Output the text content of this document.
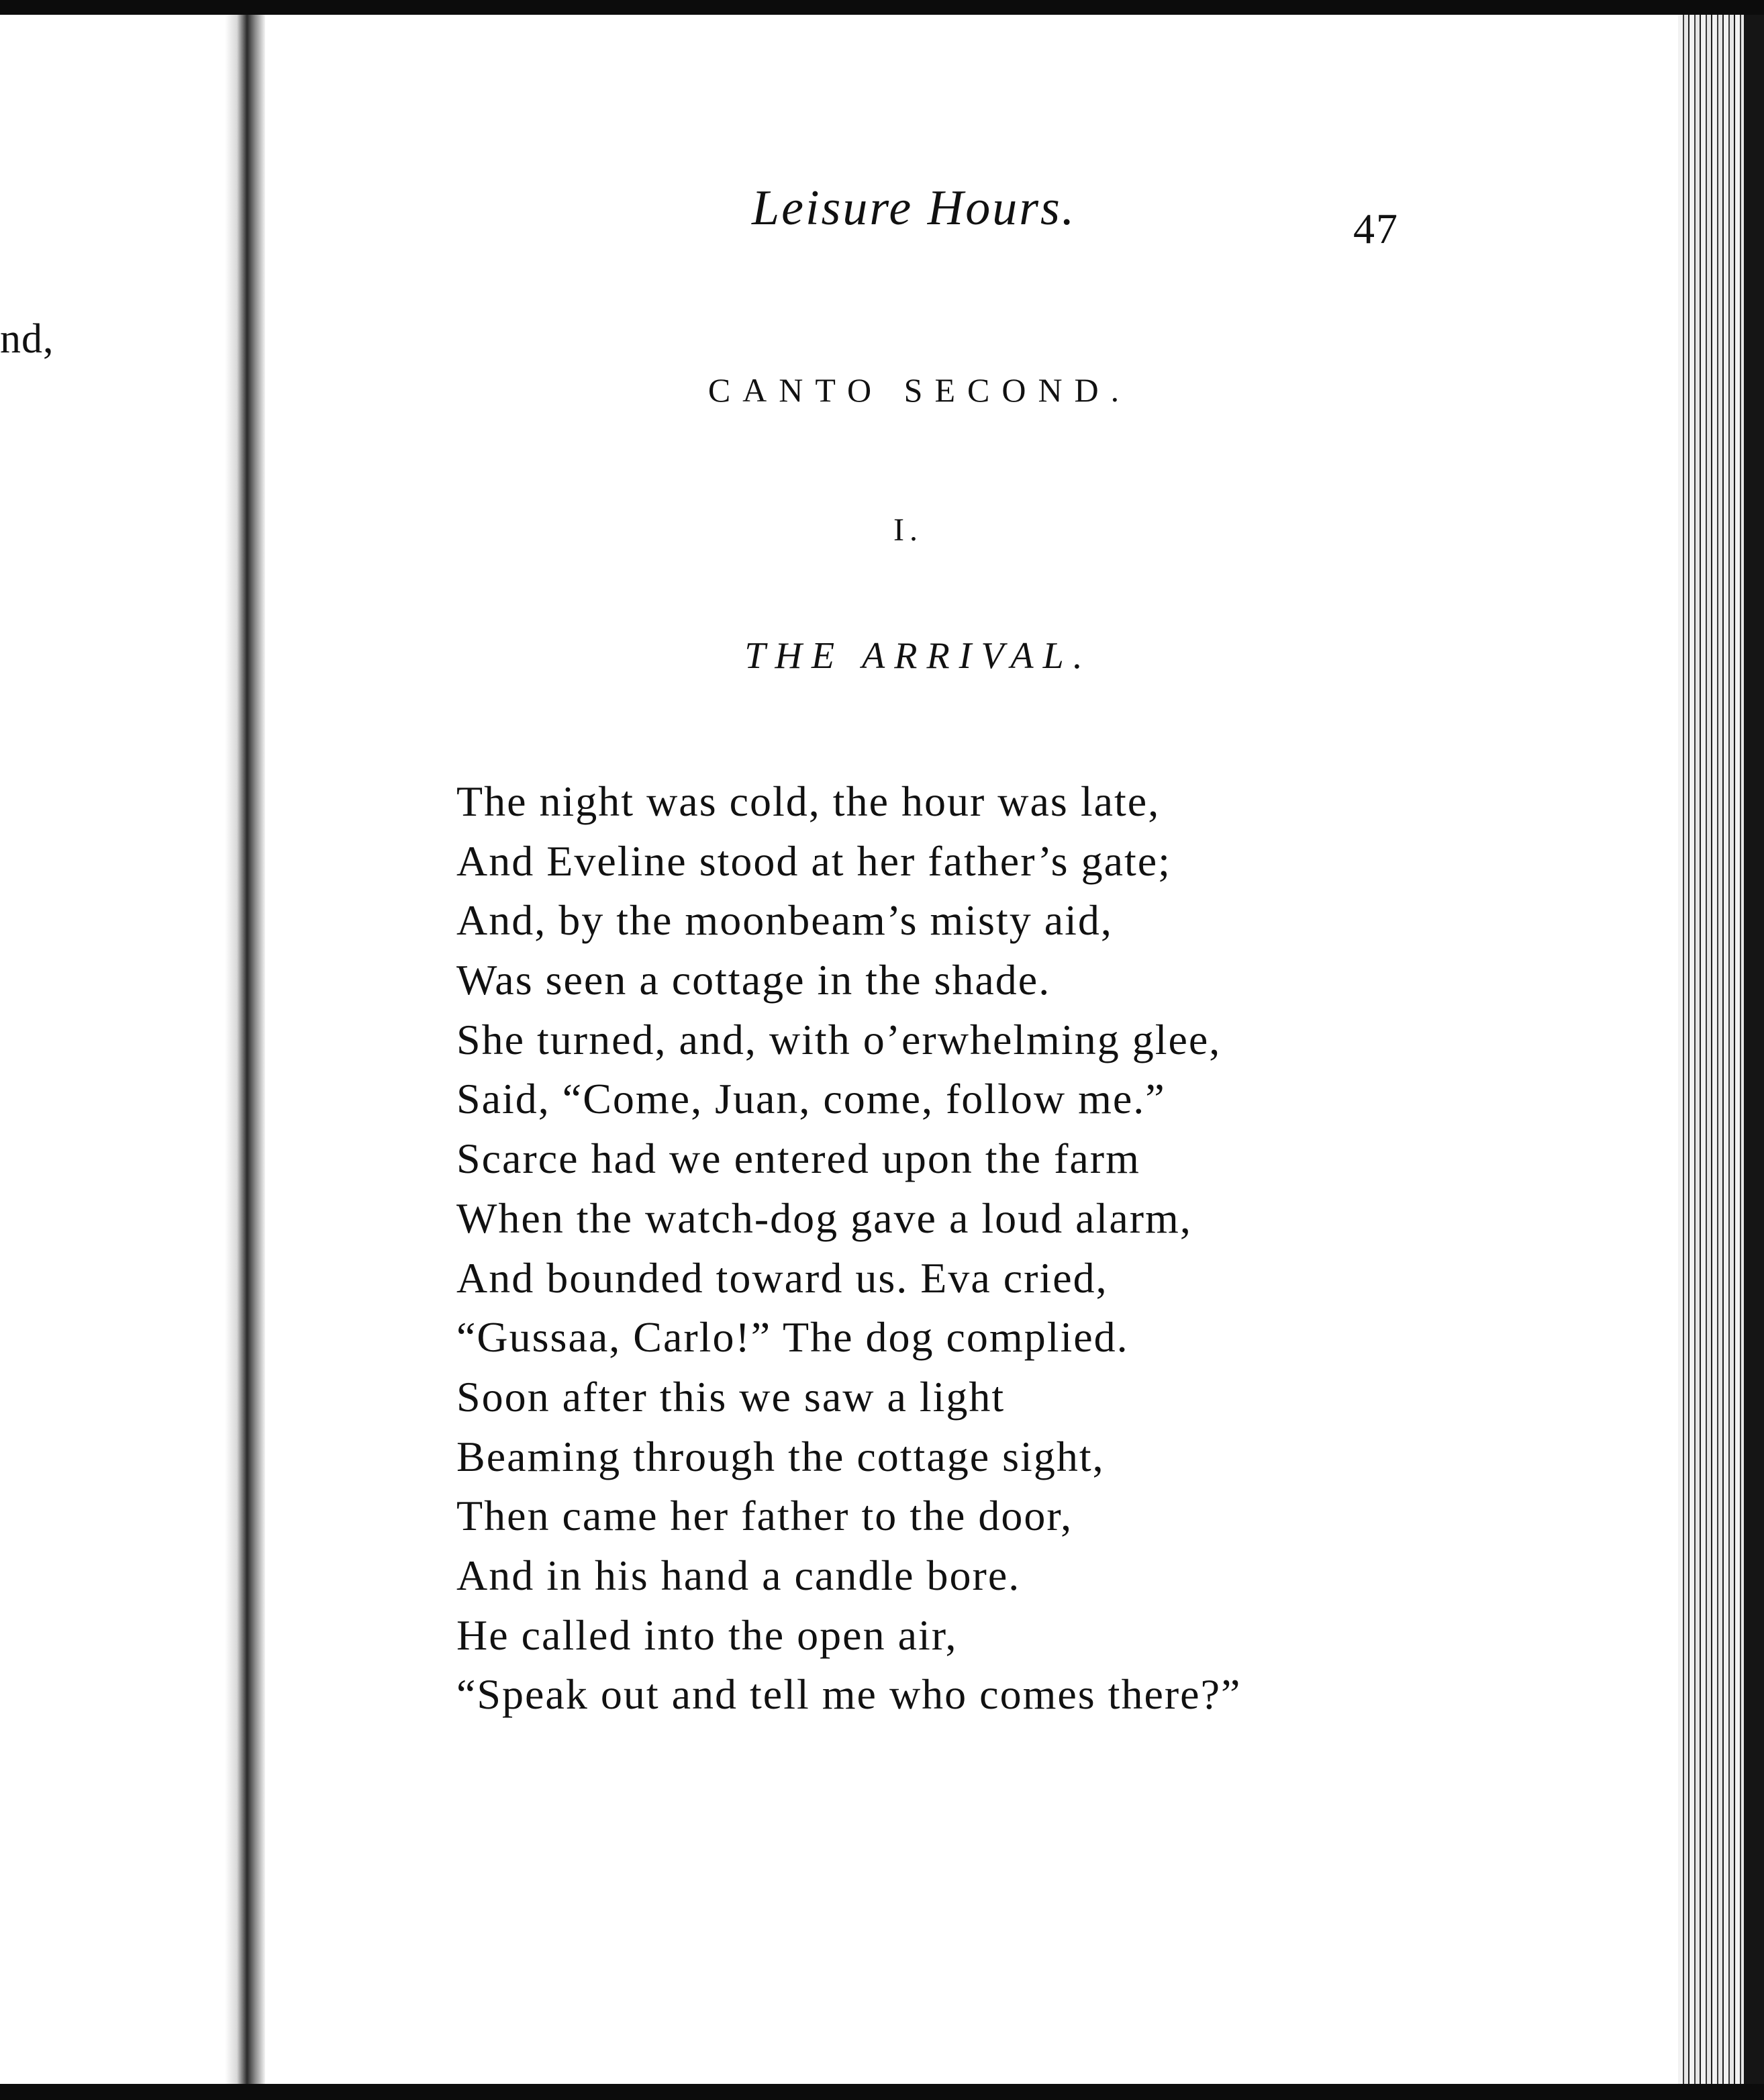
nd,
Leisure Hours.	47
CANTO SECOND.
I.
THE ARRIVAL.
The night was cold, the hour was late,
And Eveline stood at her father’s gate;
And, by the moonbeam’s misty aid,
Was seen a cottage in the shade.
She turned, and, with o’erwhelming glee,
Said, “Come, Juan, come, follow me.”
Scarce had we entered upon the farm
When the watch-dog gave a loud alarm,
And bounded toward us. Eva cried,
“Gussaa, Carlo!” The dog complied.
Soon after this we saw a light
Beaming through the cottage sight,
Then came her father to the door,
And in his hand a candle bore.
He called into the open air,
“Speak out and tell me who comes there?”
